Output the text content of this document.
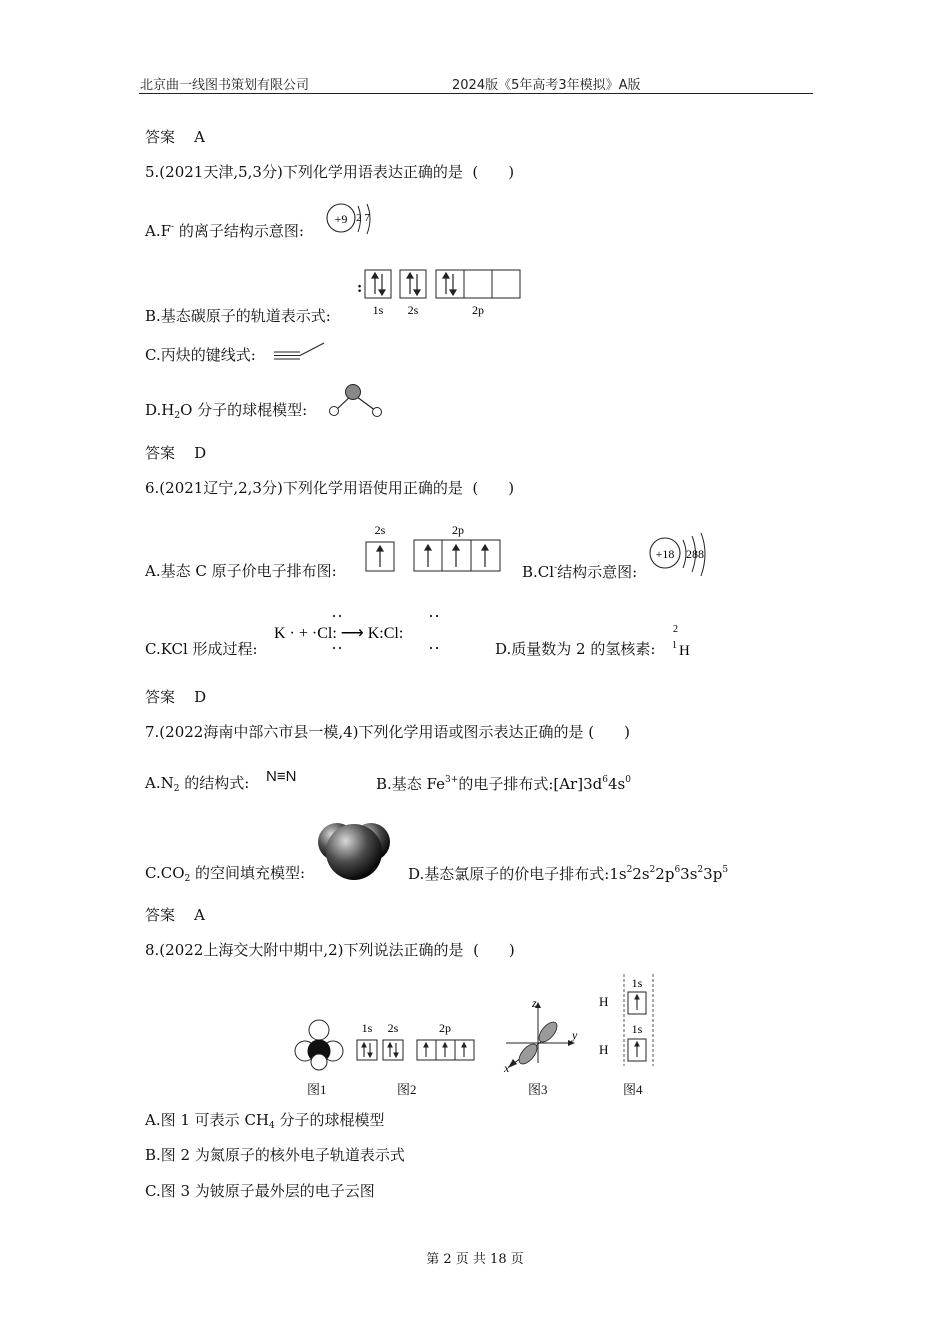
北京曲一线图书策划有限公司	2024版《5年高考3年模拟》A版
答案 A
5.(2021天津,5,3分)下列化学用语表达正确的是 (　　)
A.F- 的离子结构示意图:
+9 2 7
B.基态碳原子的轨道表示式:
:
1s 2s	2p
C.丙炔的键线式:
$D.H_2O$ 分子的球棍模型:
答案 D
6.(2021辽宁,2,3分)下列化学用语使用正确的是 (　　)
A.基态 C 原子价电子排布图:
2s	2p
B.Cl-结构示意图:
+18 288
C.KCl 形成过程:
K · + ·Cl: ⟶ K:Cl:
D.质量数为 2 的氢核素:
2
1 H
答案 D
7.(2022海南中部六市县一模,4)下列化学用语或图示表达正确的是 (　　)
$A.N_2$ 的结构式: N≡N	B.基态 $Fe^{3+}$的电子排布式$:[Ar]3d^64s^0$
$C.CO_2$ 的空间填充模型:	D.基态氯原子的价电子排布式$:1s^22s^22p^63s^23p^5$
答案 A
8.(2022上海交大附中期中,2)下列说法正确的是 (　　)
1s 2s	2p
z
y
x
H
H
1s
1s
图1	图2	图3	图4
A.图 1 可表示 $CH_4$ 分子的球棍模型
B.图 2 为氮原子的核外电子轨道表示式
C.图 3 为铍原子最外层的电子云图
第 2 页 共 18 页
